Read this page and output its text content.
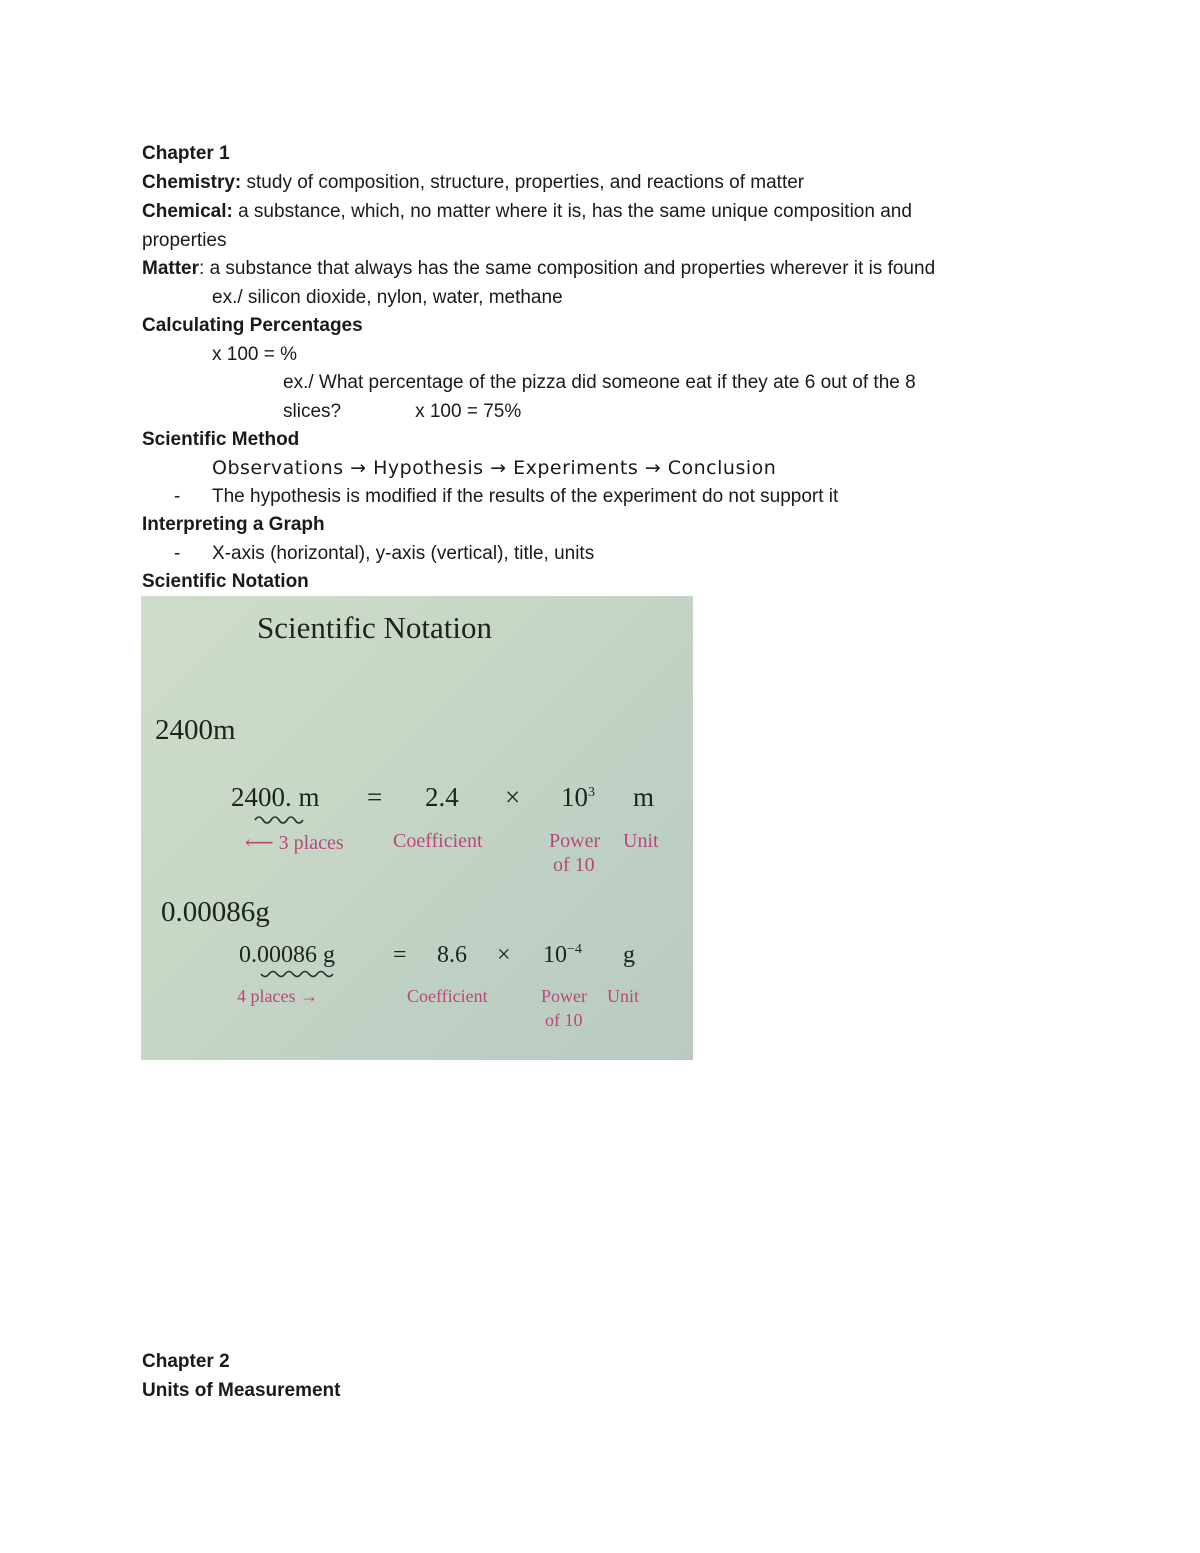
Chapter 1
Chemistry: study of composition, structure, properties, and reactions of matter
Chemical: a substance, which, no matter where it is, has the same unique composition and
properties
Matter: a substance that always has the same composition and properties wherever it is found
ex./ silicon dioxide, nylon, water, methane
Calculating Percentages
x 100 = %
ex./ What percentage of the pizza did someone eat if they ate 6 out of the 8
slices?	x 100 = 75%
Scientific Method
Observations → Hypothesis → Experiments → Conclusion
- The hypothesis is modified if the results of the experiment do not support it
Interpreting a Graph
- X-axis (horizontal), y-axis (vertical), title, units
Scientific Notation
Scientific Notation
2400m
2400. $m = 2.4 \times 10^3$ m
⟵ 3 places Coefficient	Power
of 10
Unit
0.00086g
0.00086 $g = 8.6 \times 10^{-4}$ g
4 places →	Coefficient	Power
of 10
Unit
Chapter 2
Units of Measurement
